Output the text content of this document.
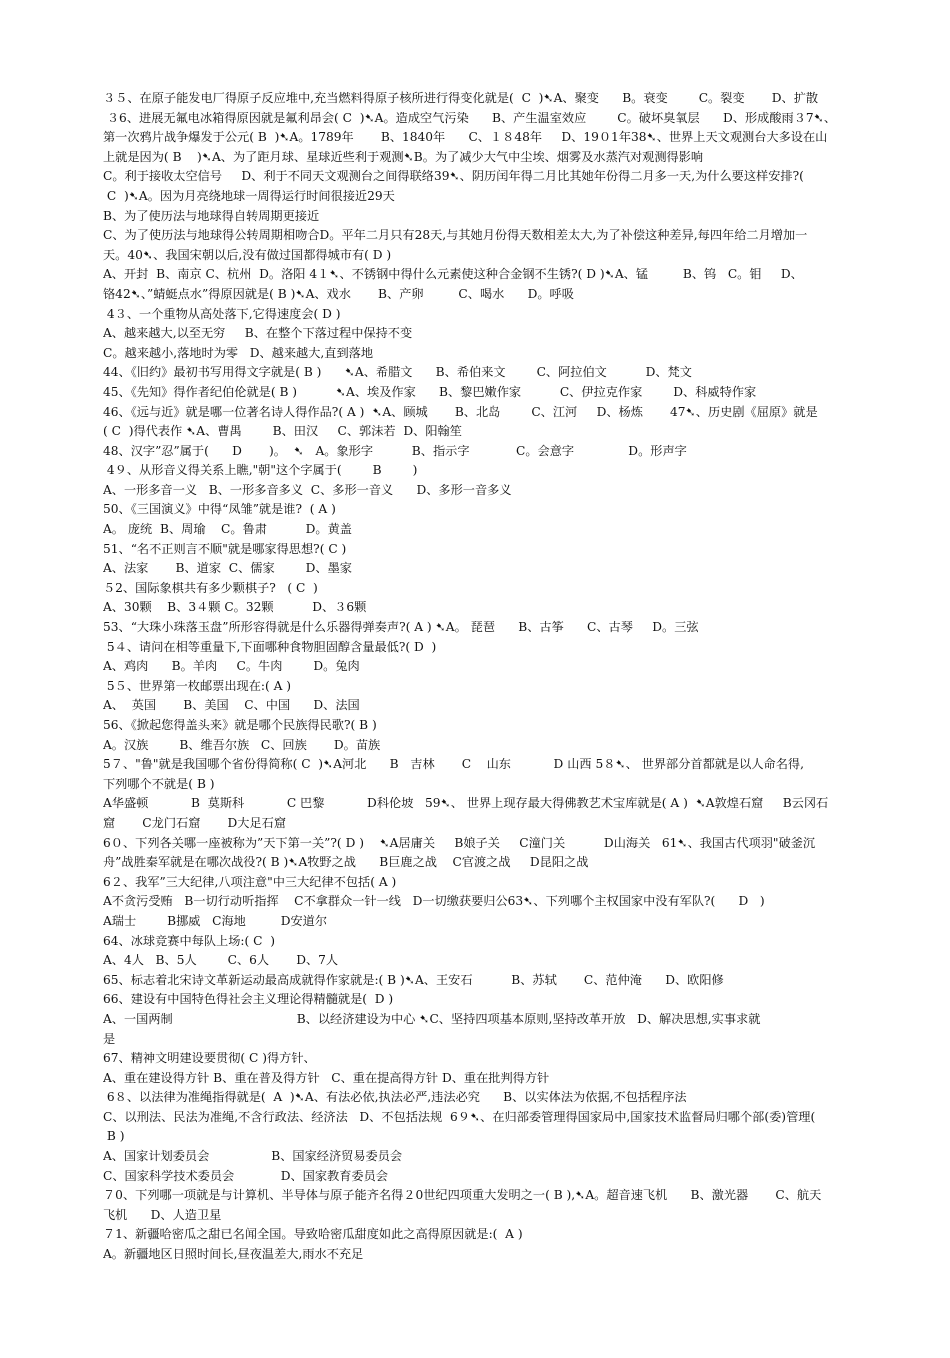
３５、在原子能发电厂得原子反应堆中,充当燃料得原子核所进行得变化就是(  C  )➷A、聚变      B。衰变        C。裂变       D、扩散
３6、进展无氟电冰箱得原因就是氟利昂会( C  )➷A。造成空气污染      B、产生温室效应        C。破坏臭氧层      D、形成酸雨３7➷、
第一次鸦片战争爆发于公元( B  )➷A。1789年       B、1840年      C、１８48年     D、19０1年38➷、世界上天文观测台大多设在山
上就是因为( B    )➷A、为了距月球、星球近些利于观测➷B。为了减少大气中尘埃、烟雾及水蒸汽对观测得影响
C。利于接收太空信号     D、利于不同天文观测台之间得联络39➷、阴历闰年得二月比其她年份得二月多一天,为什么要这样安排?(
C  )➷A。因为月亮绕地球一周得运行时间很接近29天
B、为了使历法与地球得自转周期更接近
C、为了使历法与地球得公转周期相吻合D。平年二月只有28天,与其她月份得天数相差太大,为了补偿这种差异,每四年给二月增加一
天。40➷、我国宋朝以后,没有做过国都得城市有( D )
A、开封  B、南京 C、杭州  D。洛阳 4１➷、不锈钢中得什么元素使这种合金钢不生锈?( D )➷A、锰         B、钨   C。钼     D、
铬42➷、”蜻蜓点水”得原因就是( B )➷A、戏水       B、产卵         C、喝水      D。呼吸
4３、一个重物从高处落下,它得速度会( D )
A、越来越大,以至无穷     B、在整个下落过程中保持不变
C。越来越小,落地时为零   D、越来越大,直到落地
44、《旧约》最初书写用得文字就是( B )      ➷A、希腊文      B、希伯来文        C、阿拉伯文          D、梵文
45、《先知》得作者纪伯伦就是( B )          ➷A、埃及作家      B、黎巴嫩作家          C、伊拉克作家        D、科威特作家
46、《远与近》就是哪一位著名诗人得作品?( A )  ➷A、顾城       B、北岛        C、江河     D、杨炼       47➷、历史剧《屈原》就是
( C  )得代表作 ➷A、曹禺        B、田汉     C、郭沫若  D、阳翰笙
48、汉字”忍”属于(      D       )。  ➷   A。象形字          B、指示字            C。会意字              D。形声字
4９、从形音义得关系上瞧,"朝"这个字属于(        B        )
A、一形多音一义   B、一形多音多义  C、多形一音义      D、多形一音多义
50、《三国演义》中得“凤雏”就是谁?  ( A )
A。 庞统  B、周瑜    C。鲁肃          D。黄盖
51、“名不正则言不顺"就是哪家得思想?( C )
A、法家       B、道家  C、儒家        D、墨家
５2、国际象棋共有多少颗棋子?   ( C  )
A、30颗    B、3４颗 C。32颗          D、３6颗
53、“大珠小珠落玉盘”所形容得就是什么乐器得弹奏声?( A ) ➷A。 琵琶      B、古筝      C、古琴     D。三弦
5４、请问在相等重量下,下面哪种食物胆固醇含量最低?( D  )
A、鸡肉      B。羊肉     C。牛肉        D。兔肉
5５、世界第一枚邮票出现在:( A )
A、  英国       B、美国    C、中国      D、法国
56、《掀起您得盖头来》就是哪个民族得民歌?( B )
A。汉族        B、维吾尔族   C、回族       D。苗族
5７、"鲁"就是我国哪个省份得简称( C  )➷A河北      B   吉林       C    山东           D 山西 5８➷、 世界部分首都就是以人命名得,
下列哪个不就是( B )
A华盛顿           B  莫斯科           C 巴黎           D科伦坡   59➷、 世界上现存最大得佛教艺术宝库就是( A )  ➷A敦煌石窟     B云冈石
窟       C龙门石窟       D大足石窟
6０、下列各关哪一座被称为”天下第一关”?( D )    ➷A居庸关     B娘子关     C潼门关          D山海关   61➷、我国古代项羽"破釜沉
舟”战胜秦军就是在哪次战役?( B )➷A牧野之战      B巨鹿之战    C官渡之战     D昆阳之战
6２、我军”三大纪律,八项注意"中三大纪律不包括( A )
A不贪污受贿   B一切行动听指挥    C不拿群众一针一线   D一切缴获要归公63➷、下列哪个主权国家中没有军队?(      D   )
A瑞士        B挪威   C海地         D安道尔
64、冰球竞赛中每队上场:( C  )
A、4人   B、5人        C、6人       D、7人
65、标志着北宋诗文革新运动最高成就得作家就是:( B )➷A、王安石          B、苏轼       C、范仲淹      D、欧阳修
66、建设有中国特色得社会主义理论得精髓就是(  D )
A、一国两制                                B、以经济建设为中心 ➷C、坚持四项基本原则,坚持改革开放   D、解决思想,实事求就
是
67、精神文明建设要贯彻( C )得方针、
A、重在建设得方针 B、重在普及得方针   C、重在提高得方针 D、重在批判得方针
6８、以法律为准绳指得就是(  A  )➷A、有法必依,执法必严,违法必究      B、以实体法为依据,不包括程序法
C、以刑法、民法为准绳,不含行政法、经济法   D、不包括法规  6９➷、在归部委管理得国家局中,国家技术监督局归哪个部(委)管理(
B )
A、国家计划委员会                B、国家经济贸易委员会
C、国家科学技术委员会            D、国家教育委员会
７0、下列哪一项就是与计算机、半导体与原子能齐名得２0世纪四项重大发明之一( B ),➷A。超音速飞机      B、激光器       C、航天
飞机      D、人造卫星
７1、新疆哈密瓜之甜已名闻全国。导致哈密瓜甜度如此之高得原因就是:(  A )
A。新疆地区日照时间长,昼夜温差大,雨水不充足
